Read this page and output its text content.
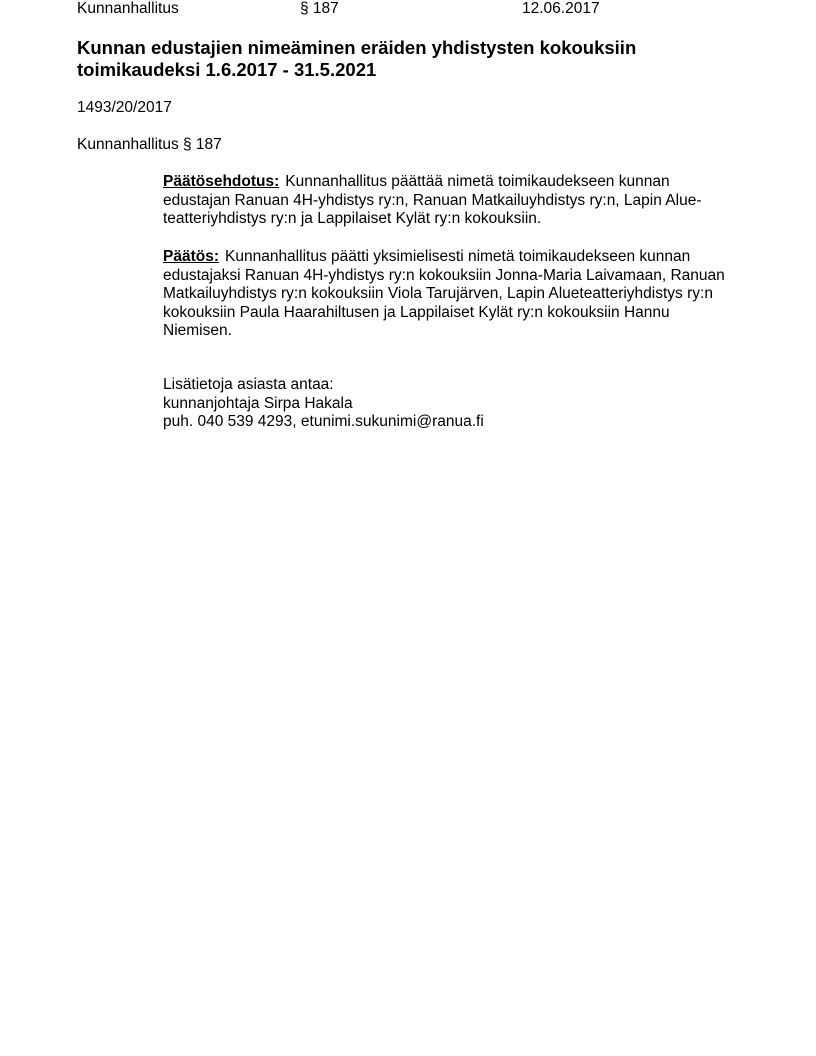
Kunnanhallitus	§ 187	12.06.2017
Kunnan edustajien nimeäminen eräiden yhdistysten kokouksiin toimikaudeksi 1.6.2017 - 31.5.2021
1493/20/2017
Kunnanhallitus § 187

Päätösehdotus: Kunnanhallitus päättää nimetä toimikaudekseen kunnan edustajan Ranuan 4H-yhdistys ry:n, Ranuan Matkailuyhdistys ry:n, Lapin Alue-teatteriyhdistys ry:n ja Lappilaiset Kylät ry:n kokouksiin.

Päätös: Kunnanhallitus päätti yksimielisesti nimetä toimikaudekseen kunnan edustajaksi Ranuan 4H-yhdistys ry:n kokouksiin Jonna-Maria Laivamaan, Ranuan Matkailuyhdistys ry:n kokouksiin Viola Tarujärven, Lapin Alueteatteriyhdistys ry:n kokouksiin Paula Haarahiltusen ja Lappilaiset Kylät ry:n kokouksiin Hannu Niemisen.

Lisätietoja asiasta antaa:
kunnanjohtaja Sirpa Hakala
puh. 040 539 4293, etunimi.sukunimi@ranua.fi
